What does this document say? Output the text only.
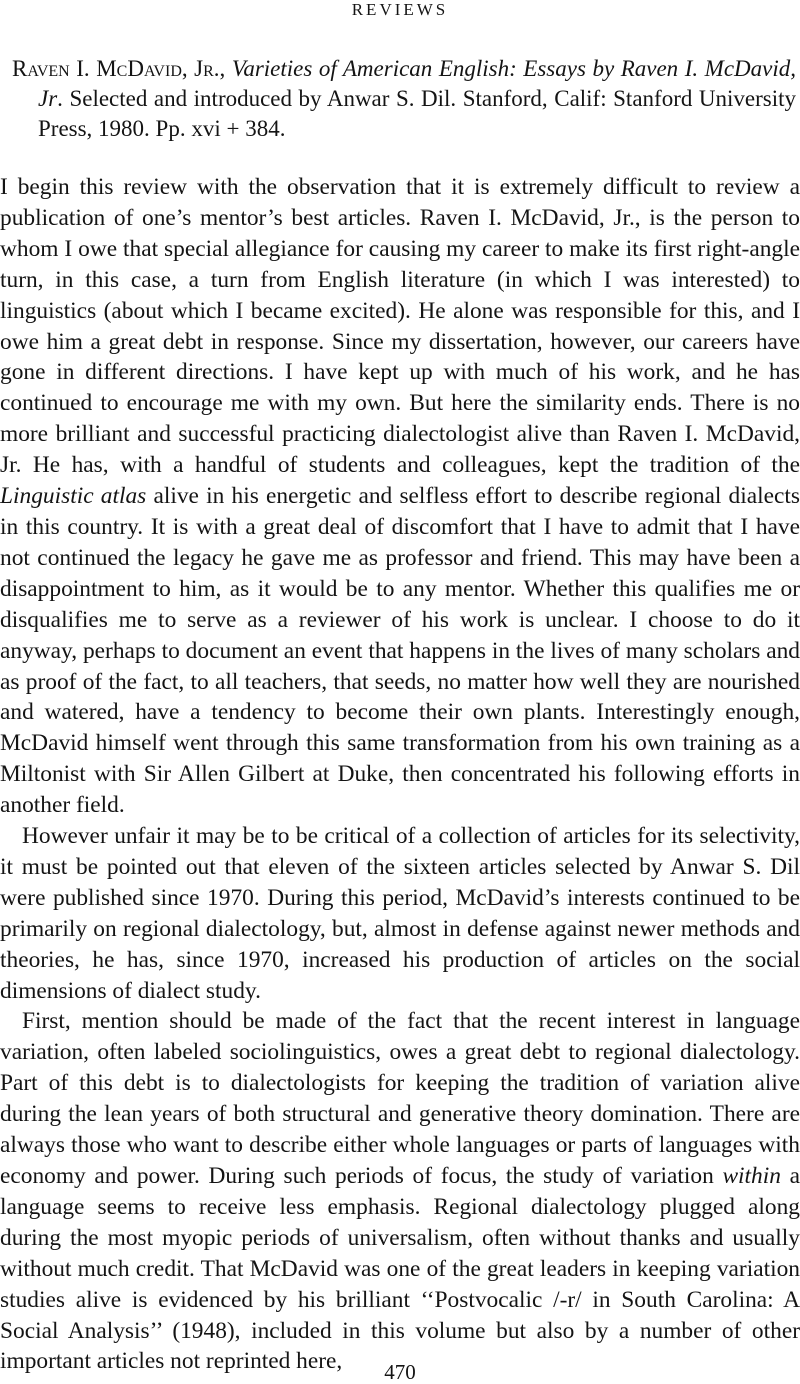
REVIEWS
Raven I. McDavid, Jr., Varieties of American English: Essays by Raven I. McDavid, Jr. Selected and introduced by Anwar S. Dil. Stanford, Calif: Stanford University Press, 1980. Pp. xvi + 384.

I begin this review with the observation that it is extremely difficult to review a publication of one’s mentor’s best articles. Raven I. McDavid, Jr., is the person to whom I owe that special allegiance for causing my career to make its first right-angle turn, in this case, a turn from English literature (in which I was interested) to linguistics (about which I became excited). He alone was responsible for this, and I owe him a great debt in response. Since my dissertation, however, our careers have gone in different directions. I have kept up with much of his work, and he has continued to encourage me with my own. But here the similarity ends. There is no more brilliant and successful practicing dialectologist alive than Raven I. McDavid, Jr. He has, with a handful of students and colleagues, kept the tradition of the Linguistic atlas alive in his energetic and selfless effort to describe regional dialects in this country. It is with a great deal of discomfort that I have to admit that I have not continued the legacy he gave me as professor and friend. This may have been a disappointment to him, as it would be to any mentor. Whether this qualifies me or disqualifies me to serve as a reviewer of his work is unclear. I choose to do it anyway, perhaps to document an event that happens in the lives of many scholars and as proof of the fact, to all teachers, that seeds, no matter how well they are nourished and watered, have a tendency to become their own plants. Interestingly enough, McDavid himself went through this same transformation from his own training as a Miltonist with Sir Allen Gilbert at Duke, then concentrated his following efforts in another field.

However unfair it may be to be critical of a collection of articles for its selectivity, it must be pointed out that eleven of the sixteen articles selected by Anwar S. Dil were published since 1970. During this period, McDavid’s interests continued to be primarily on regional dialectology, but, almost in defense against newer methods and theories, he has, since 1970, increased his production of articles on the social dimensions of dialect study.

First, mention should be made of the fact that the recent interest in language variation, often labeled sociolinguistics, owes a great debt to regional dialectology. Part of this debt is to dialectologists for keeping the tradition of variation alive during the lean years of both structural and generative theory domination. There are always those who want to describe either whole languages or parts of languages with economy and power. During such periods of focus, the study of variation within a language seems to receive less emphasis. Regional dialectology plugged along during the most myopic periods of universalism, often without thanks and usually without much credit. That McDavid was one of the great leaders in keeping variation studies alive is evidenced by his brilliant ‘‘Postvocalic /-r/ in South Carolina: A Social Analysis’’ (1948), included in this volume but also by a number of other important articles not reprinted here,	470
